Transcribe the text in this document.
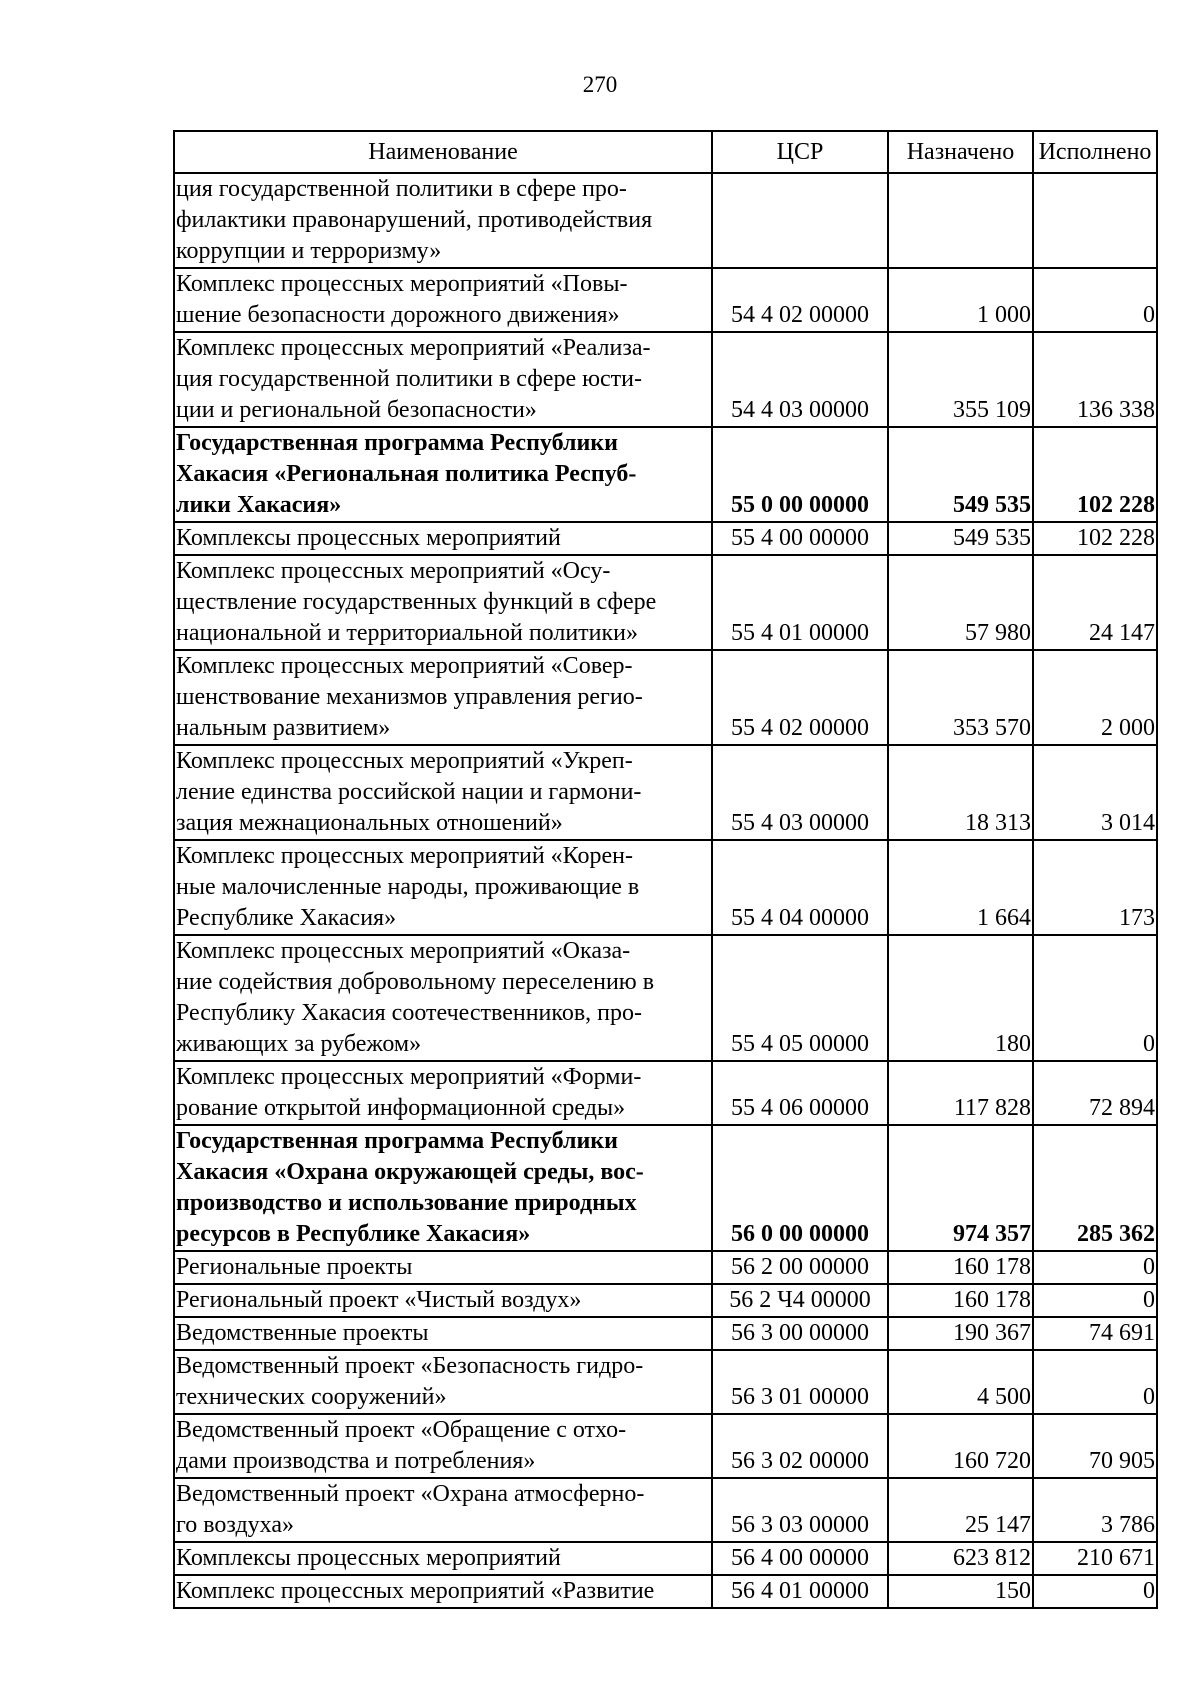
270
Наименование	ЦСР	Назначено	Исполнено
ция государственной политики в сфере про-
филактики правонарушений, противодействия
коррупции и терроризму»			
Комплекс процессных мероприятий «Повы-
шение безопасности дорожного движения»	54 4 02 00000	1 000	0
Комплекс процессных мероприятий «Реализа-
ция государственной политики в сфере юсти-
ции и региональной безопасности»	54 4 03 00000	355 109	136 338
Государственная программа Республики
Хакасия «Региональная политика Респуб-
лики Хакасия»	55 0 00 00000	549 535	102 228
Комплексы процессных мероприятий	55 4 00 00000	549 535	102 228
Комплекс процессных мероприятий «Осу-
ществление государственных функций в сфере
национальной и территориальной политики»	55 4 01 00000	57 980	24 147
Комплекс процессных мероприятий «Совер-
шенствование механизмов управления регио-
нальным развитием»	55 4 02 00000	353 570	2 000
Комплекс процессных мероприятий «Укреп-
ление единства российской нации и гармони-
зация межнациональных отношений»	55 4 03 00000	18 313	3 014
Комплекс процессных мероприятий «Корен-
ные малочисленные народы, проживающие в
Республике Хакасия»	55 4 04 00000	1 664	173
Комплекс процессных мероприятий «Оказа-
ние содействия добровольному переселению в
Республику Хакасия соотечественников, про-
живающих за рубежом»	55 4 05 00000	180	0
Комплекс процессных мероприятий «Форми-
рование открытой информационной среды»	55 4 06 00000	117 828	72 894
Государственная программа Республики
Хакасия «Охрана окружающей среды, вос-
производство и использование природных
ресурсов в Республике Хакасия»	56 0 00 00000	974 357	285 362
Региональные проекты	56 2 00 00000	160 178	0
Региональный проект «Чистый воздух»	56 2 Ч4 00000	160 178	0
Ведомственные проекты	56 3 00 00000	190 367	74 691
Ведомственный проект «Безопасность гидро-
технических сооружений»	56 3 01 00000	4 500	0
Ведомственный проект «Обращение с отхо-
дами производства и потребления»	56 3 02 00000	160 720	70 905
Ведомственный проект «Охрана атмосферно-
го воздуха»	56 3 03 00000	25 147	3 786
Комплексы процессных мероприятий	56 4 00 00000	623 812	210 671
Комплекс процессных мероприятий «Развитие	56 4 01 00000	150	0
